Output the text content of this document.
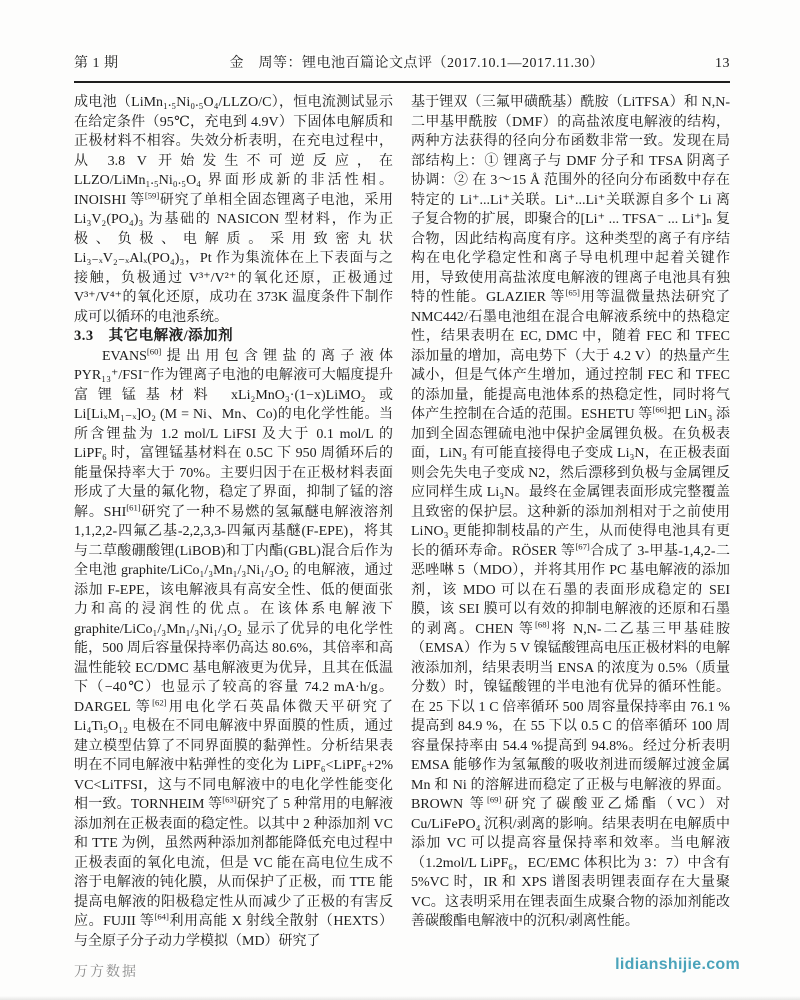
第 1 期	金　周等：锂电池百篇论文点评（2017.10.1—2017.11.30）	13

成电池（LiMn₁.₅Ni₀.₅O₄/LLZO/C），恒电流测试显示在给定条件（95℃，充电到 4.9V）下固体电解质和正极材料不相容。失效分析表明，在充电过程中，从 3.8 V 开始发生不可逆反应，在 LLZO/LiMn₁.₅Ni₀.₅O₄ 界面形成新的非活性相。INOISHI 等[59]研究了单相全固态锂离子电池，采用 Li₃V₂(PO₄)₃ 为基础的 NASICON 型材料，作为正极、负极、电解质。采用致密丸状 Li₃₋ₓV₂₋ₓAlₓ(PO₄)₃，Pt 作为集流体在上下表面与之接触，负极通过 V³⁺/V²⁺的氧化还原，正极通过 V³⁺/V⁴⁺的氧化还原，成功在 373K 温度条件下制作成可以循环的电池系统。

3.3　其它电解液/添加剂

EVANS[60]提出用包含锂盐的离子液体 PYR₁₃⁺/FSI⁻作为锂离子电池的电解液可大幅度提升富锂锰基材料 xLi₂MnO₃·(1−x)LiMO₂ 或 Li[LiₓM₁₋ₓ]O₂ (M = Ni、Mn、Co)的电化学性能。当所含锂盐为 1.2 mol/L LiFSI 及大于 0.1 mol/L 的 LiPF₆ 时，富锂锰基材料在 0.5C 下 950 周循环后的能量保持率大于 70%。主要归因于在正极材料表面形成了大量的氟化物，稳定了界面，抑制了锰的溶解。SHI[61]研究了一种不易燃的氢氟醚电解液溶剂 1,1,2,2-四氟乙基-2,2,3,3-四氟丙基醚(F-EPE)，将其与二草酸硼酸锂(LiBOB)和丁内酯(GBL)混合后作为全电池 graphite/LiCo₁/₃Mn₁/₃Ni₁/₃O₂ 的电解液，通过添加 F-EPE，该电解液具有高安全性、低的便面张力和高的浸润性的优点。在该体系电解液下 graphite/LiCo₁/₃Mn₁/₃Ni₁/₃O₂ 显示了优异的电化学性能，500 周后容量保持率仍高达 80.6%，其倍率和高温性能较 EC/DMC 基电解液更为优异，且其在低温下（−40℃）也显示了较高的容量 74.2 mA·h/g。DARGEL 等[62]用电化学石英晶体微天平研究了 Li₄Ti₅O₁₂ 电极在不同电解液中界面膜的性质，通过建立模型估算了不同界面膜的黏弹性。分析结果表明在不同电解液中粘弹性的变化为 LiPF₆<LiPF₆+2% VC<LiTFSI，这与不同电解液中的电化学性能变化相一致。TORNHEIM 等[63]研究了 5 种常用的电解液添加剂在正极表面的稳定性。以其中 2 种添加剂 VC 和 TTE 为例，虽然两种添加剂都能降低充电过程中正极表面的氧化电流，但是 VC 能在高电位生成不溶于电解液的钝化膜，从而保护了正极，而 TTE 能提高电解液的阳极稳定性从而减少了正极的有害反应。FUJII 等[64]利用高能 X 射线全散射（HEXTS）与全原子分子动力学模拟（MD）研究了

基于锂双（三氟甲磺酰基）酰胺（LiTFSA）和 N,N-二甲基甲酰胺（DMF）的高盐浓度电解液的结构，两种方法获得的径向分布函数非常一致。发现在局部结构上：① 锂离子与 DMF 分子和 TFSA 阴离子协调：② 在 3～15 Å 范围外的径向分布函数中存在特定的 Li⁺...Li⁺关联。Li⁺...Li⁺关联源自多个 Li 离子复合物的扩展，即聚合的[Li⁺ ... TFSA⁻ ... Li⁺]ₙ 复合物，因此结构高度有序。这种类型的离子有序结构在电化学稳定性和离子导电机理中起着关键作用，导致使用高盐浓度电解液的锂离子电池具有独特的性能。GLAZIER 等[65]用等温微量热法研究了 NMC442/石墨电池组在混合电解液系统中的热稳定性，结果表明在 EC, DMC 中，随着 FEC 和 TFEC 添加量的增加，高电势下（大于 4.2 V）的热量产生减小，但是气体产生增加，通过控制 FEC 和 TFEC 的添加量，能提高电池体系的热稳定性，同时将气体产生控制在合适的范围。ESHETU 等[66]把 LiN₃ 添加到全固态锂硫电池中保护金属锂负极。在负极表面，LiN₃ 有可能直接得电子变成 Li₃N，在正极表面则会先失电子变成 N2，然后漂移到负极与金属锂反应同样生成 Li₃N。最终在金属锂表面形成完整覆盖且致密的保护层。这种新的添加剂相对于之前使用 LiNO₃ 更能抑制枝晶的产生，从而使得电池具有更长的循环寿命。RÖSER 等[67]合成了 3-甲基-1,4,2-二恶唑啉 5（MDO），并将其用作 PC 基电解液的添加剂，该 MDO 可以在石墨的表面形成稳定的 SEI 膜，该 SEI 膜可以有效的抑制电解液的还原和石墨的剥离。CHEN 等[68]将 N,N-二乙基三甲基硅胺（EMSA）作为 5 V 镍锰酸锂高电压正极材料的电解液添加剂，结果表明当 ENSA 的浓度为 0.5%（质量分数）时，镍锰酸锂的半电池有优异的循环性能。在 25 下以 1 C 倍率循环 500 周容量保持率由 76.1 %提高到 84.9 %，在 55 下以 0.5 C 的倍率循环 100 周容量保持率由 54.4 %提高到 94.8%。经过分析表明 EMSA 能够作为氢氟酸的吸收剂进而缓解过渡金属 Mn 和 Ni 的溶解进而稳定了正极与电解液的界面。BROWN 等[69]研究了碳酸亚乙烯酯（VC）对 Cu/LiFePO₄ 沉积/剥离的影响。结果表明在电解质中添加 VC 可以提高容量保持率和效率。当电解液（1.2mol/L LiPF₆，EC/EMC 体积比为 3：7）中含有 5%VC 时，IR 和 XPS 谱图表明锂表面存在大量聚 VC。这表明采用在锂表面生成聚合物的添加剂能改善碳酸酯电解液中的沉积/剥离性能。

万方数据	lidianshijie.com
